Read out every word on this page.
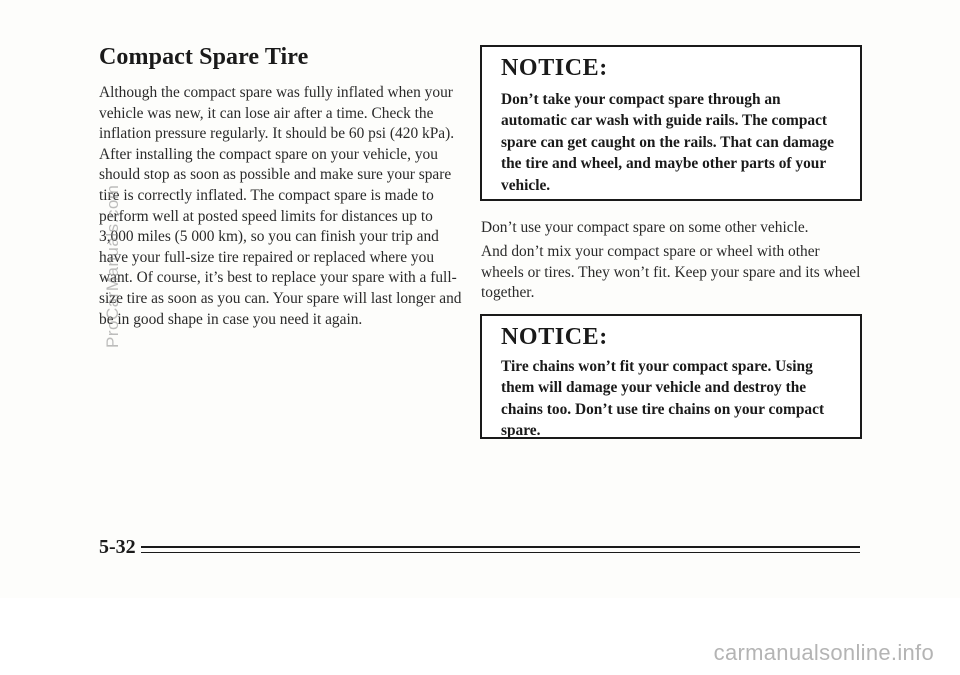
Compact Spare Tire

Although the compact spare was fully inflated when your vehicle was new, it can lose air after a time. Check the inflation pressure regularly. It should be 60 psi (420 kPa). After installing the compact spare on your vehicle, you should stop as soon as possible and make sure your spare tire is correctly inflated. The compact spare is made to perform well at posted speed limits for distances up to 3,000 miles (5 000 km), so you can finish your trip and have your full-size tire repaired or replaced where you want. Of course, it’s best to replace your spare with a full-size tire as soon as you can. Your spare will last longer and be in good shape in case you need it again.

NOTICE:

Don’t take your compact spare through an automatic car wash with guide rails. The compact spare can get caught on the rails. That can damage the tire and wheel, and maybe other parts of your vehicle.

Don’t use your compact spare on some other vehicle.

And don’t mix your compact spare or wheel with other wheels or tires. They won’t fit. Keep your spare and its wheel together.

NOTICE:

Tire chains won’t fit your compact spare. Using them will damage your vehicle and destroy the chains too. Don’t use tire chains on your compact spare.

5-32
ProCarManuals.com
carmanualsonline.info
